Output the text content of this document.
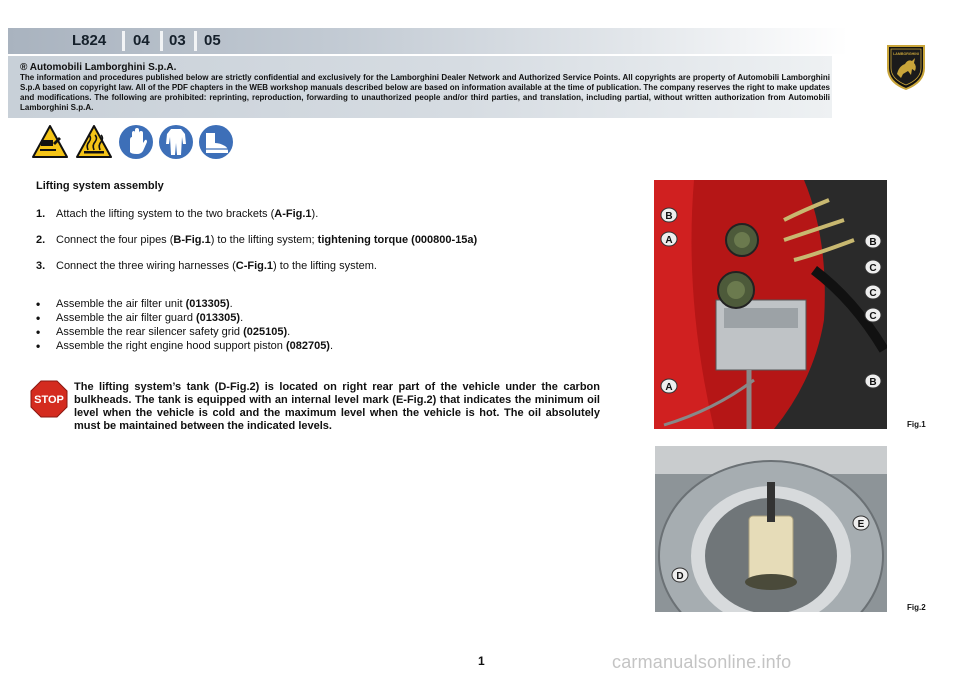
L824 04 03 05
LAMBORGHINI
® Automobili Lamborghini S.p.A.
The information and procedures published below are strictly confidential and exclusively for the Lamborghini Dealer Network and Authorized Service Points. All copyrights are property of Automobili Lamborghini S.p.A based on copyright law. All of the PDF chapters in the WEB workshop manuals described below are based on information available at the time of publication. The company reserves the right to make updates and modifications. The following are prohibited: reprinting, reproduction, forwarding to unauthorized people and/or third parties, and translation, including partial, without written authorization from Automobili Lamborghini S.p.A.
Lifting system assembly
1. Attach the lifting system to the two brackets (A-Fig.1).
2. Connect the four pipes (B-Fig.1) to the lifting system; tightening torque (000800-15a)
3. Connect the three wiring harnesses (C-Fig.1) to the lifting system.
• Assemble the air filter unit (013305).
• Assemble the air filter guard (013305).
• Assemble the rear silencer safety grid (025105).
• Assemble the right engine hood support piston (082705).
STOP
The lifting system’s tank (D-Fig.2) is located on right rear part of the vehicle under the carbon bulkheads. The tank is equipped with an internal level mark (E-Fig.2) that indicates the minimum oil level when the vehicle is cold and the maximum level when the vehicle is hot. The oil absolutely must be maintained between the indicated levels.
B
A	B
C
C
C
A	B
Fig.1
E
D
Fig.2
1	carmanualsonline.info
